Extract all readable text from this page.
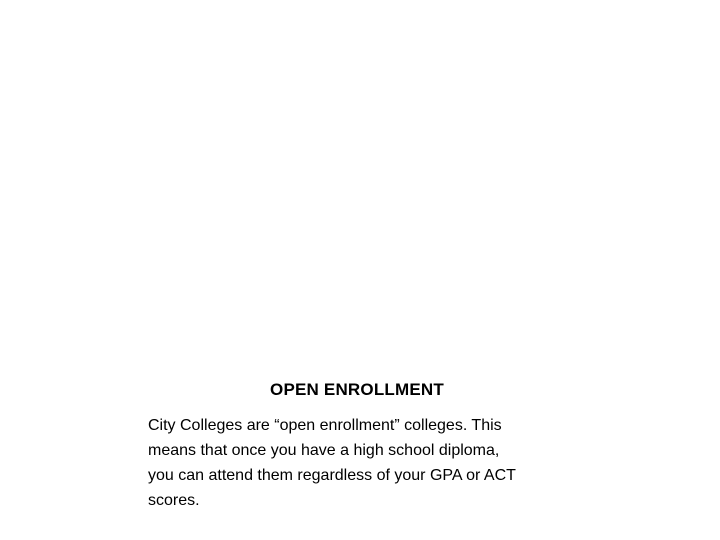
OPEN ENROLLMENT
City Colleges are “open enrollment” colleges. This
means that once you have a high school diploma,
you can attend them regardless of your GPA or ACT
scores.
